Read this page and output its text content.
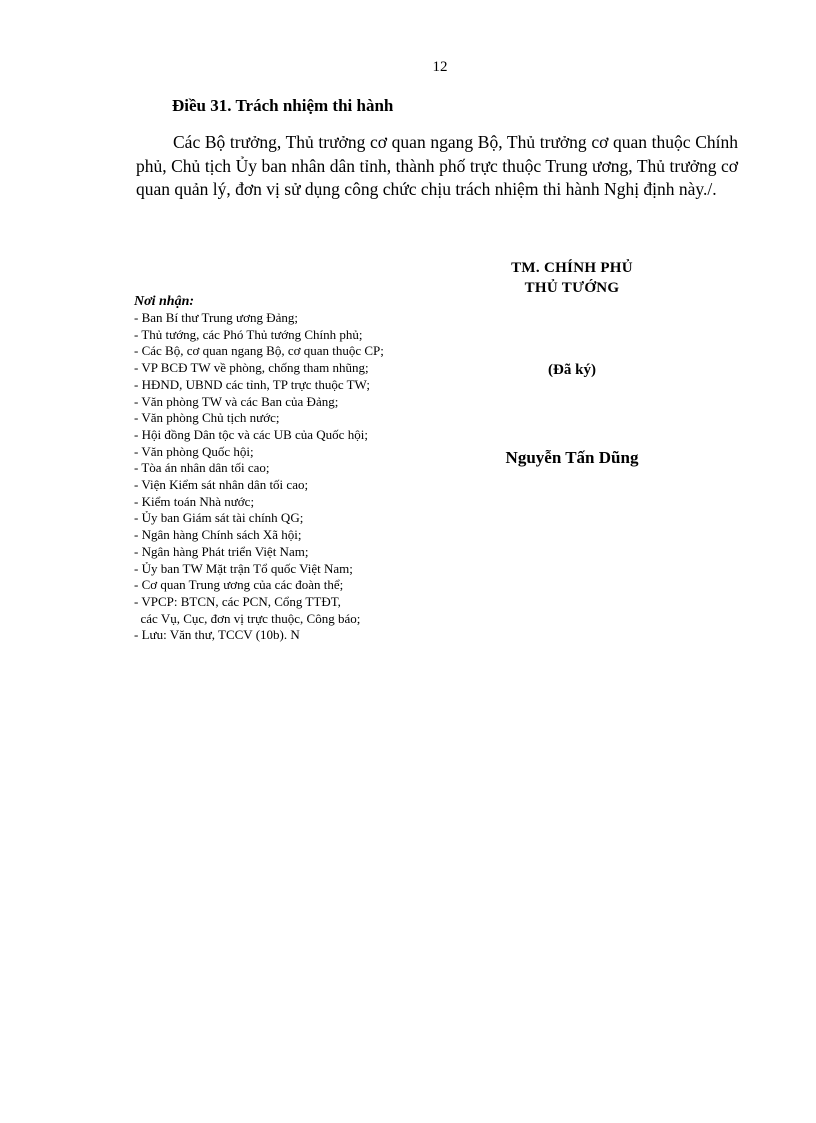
12
Điều 31. Trách nhiệm thi hành

Các Bộ trưởng, Thủ trưởng cơ quan ngang Bộ, Thủ trưởng cơ quan thuộc Chính phủ, Chủ tịch Ủy ban nhân dân tỉnh, thành phố trực thuộc Trung ương, Thủ trưởng cơ quan quản lý, đơn vị sử dụng công chức chịu trách nhiệm thi hành Nghị định này./.

TM. CHÍNH PHỦ
THỦ TƯỚNG
(Đã ký)
Nguyễn Tấn Dũng
Nơi nhận:
- Ban Bí thư Trung ương Đảng;
- Thủ tướng, các Phó Thủ tướng Chính phủ;
- Các Bộ, cơ quan ngang Bộ, cơ quan thuộc CP;
- VP BCĐ TW về phòng, chống tham nhũng;
- HĐND, UBND các tỉnh, TP trực thuộc TW;
- Văn phòng TW và các Ban của Đảng;
- Văn phòng Chủ tịch nước;
- Hội đồng Dân tộc và các UB của Quốc hội;
- Văn phòng Quốc hội;
- Tòa án nhân dân tối cao;
- Viện Kiểm sát nhân dân tối cao;
- Kiểm toán Nhà nước;
- Ủy ban Giám sát tài chính QG;
- Ngân hàng Chính sách Xã hội;
- Ngân hàng Phát triển Việt Nam;
- Ủy ban TW Mặt trận Tổ quốc Việt Nam;
- Cơ quan Trung ương của các đoàn thể;
- VPCP: BTCN, các PCN, Cổng TTĐT,
các Vụ, Cục, đơn vị trực thuộc, Công báo;
- Lưu: Văn thư, TCCV (10b). N
